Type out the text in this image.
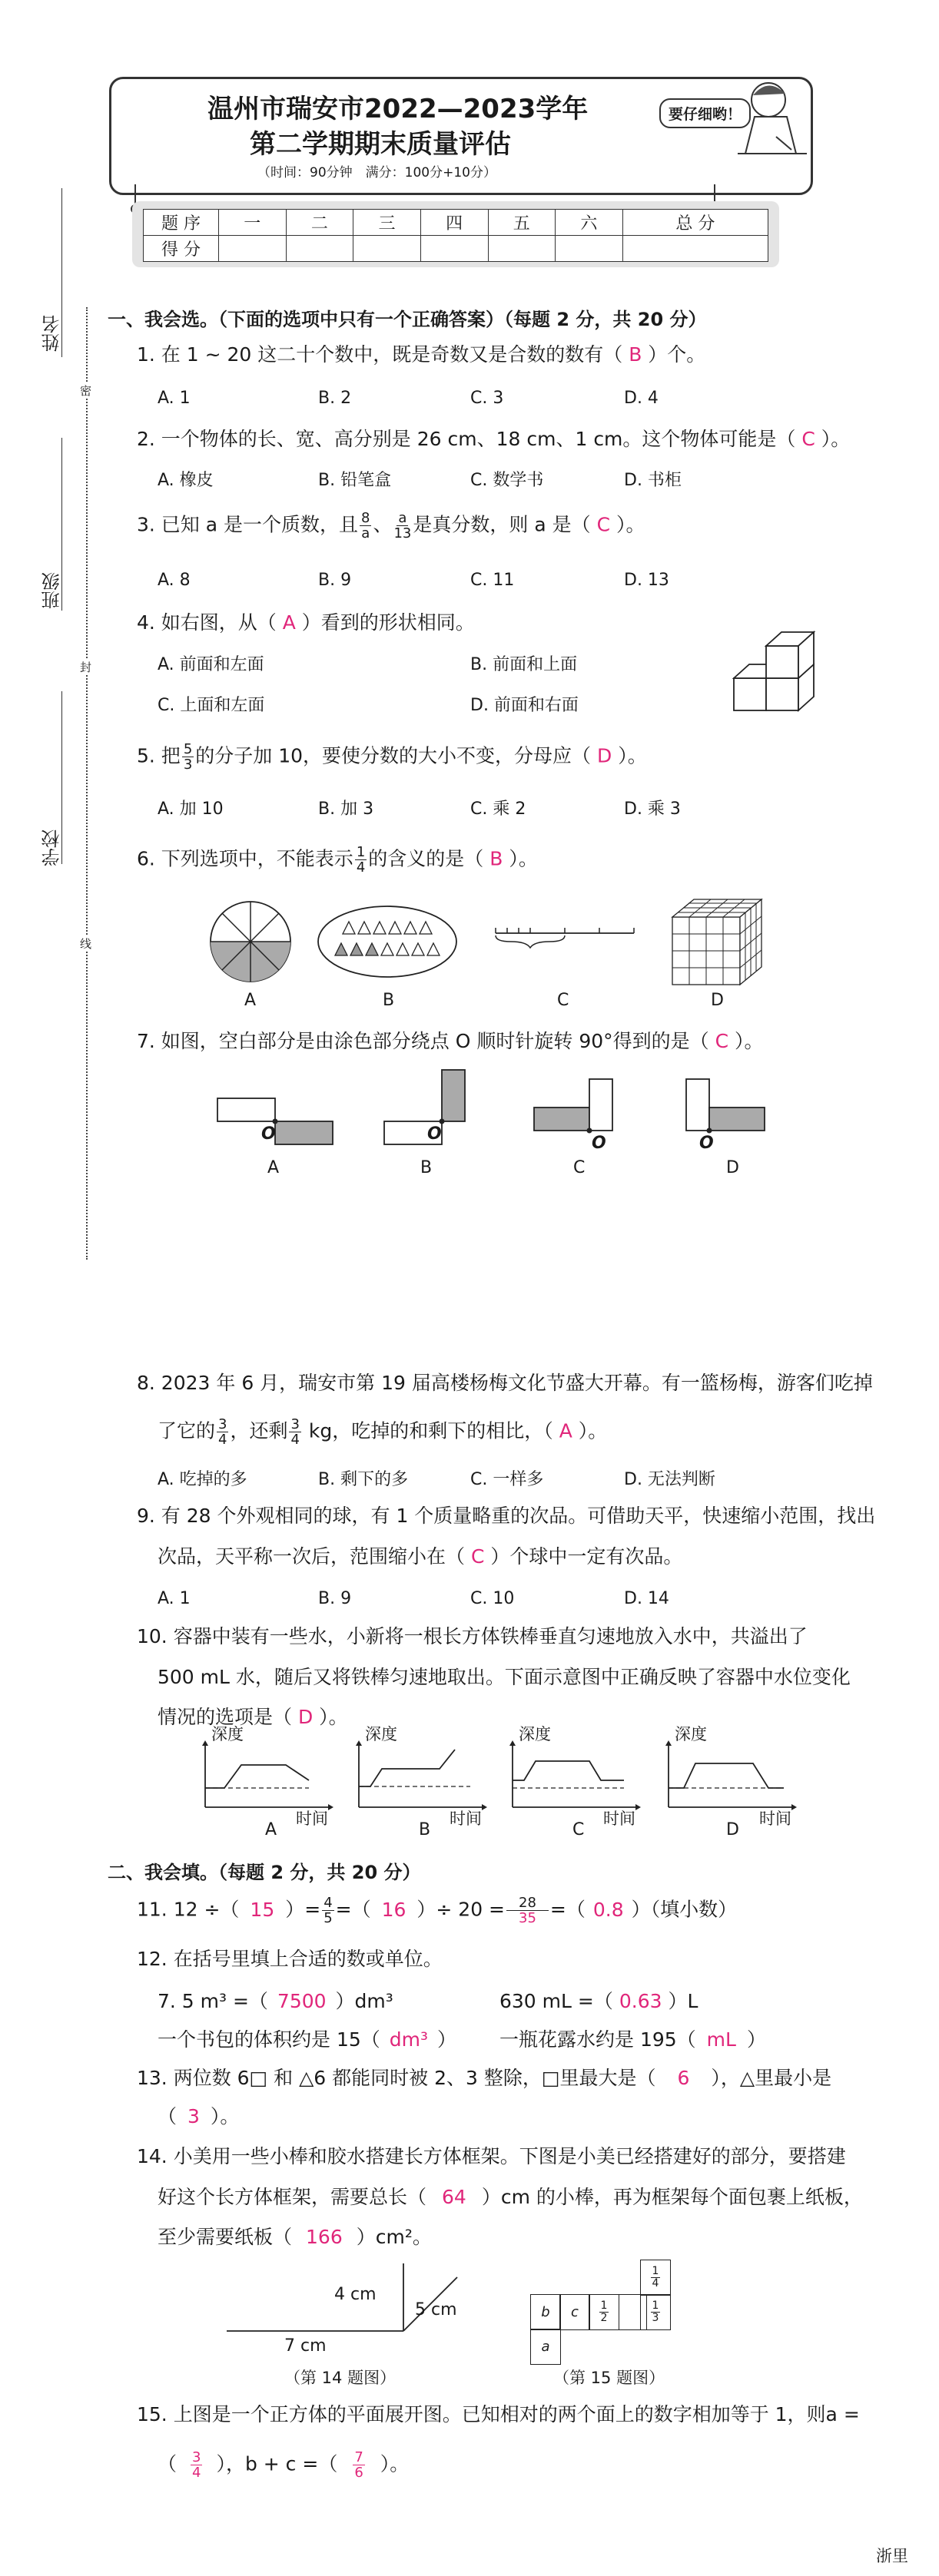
温州市瑞安市2022—2023学年
第二学期期末质量评估
（时间：90分钟　满分：100分+10分）
要仔细哟！
题 序	一	二	三	四	五	六	总 分
得 分							
姓名
班级
学校
密
封
线
一、我会选。（下面的选项中只有一个正确答案）（每题 2 分，共 20 分）
1. 在 1 ~ 20 这二十个数中，既是奇数又是合数的数有（ B ）个。
A. 1	B. 2	C. 3	D. 4
2. 一个物体的长、宽、高分别是 26 cm、18 cm、1 cm。这个物体可能是（ C ）。
A. 橡皮	B. 铅笔盒	C. 数学书	D. 书柜
3. 已知 a 是一个质数，且 $\frac{8}{a}$ 、 $\frac{a}{13}$ 是真分数，则 a 是（ C ）。
A. 8	B. 9	C. 11	D. 13
4. 如右图，从（ A ）看到的形状相同。
A. 前面和左面	B. 前面和上面
C. 上面和左面	D. 前面和右面
5. 把 $\frac{5}{3}$ 的分子加 10，要使分数的大小不变，分母应（ D ）。
A. 加 10	B. 加 3	C. 乘 2	D. 乘 3
6. 下列选项中，不能表示 $\frac{1}{4}$ 的含义的是（ B ）。
A	B	C	D
7. 如图，空白部分是由涂色部分绕点 O 顺时针旋转 90°得到的是（ C ）。
O	O	O	O
A	B	C	D
8. 2023 年 6 月，瑞安市第 19 届高楼杨梅文化节盛大开幕。有一篮杨梅，游客们吃掉
了它的 $\frac{3}{4}$ ，还剩 $\frac{3}{4}$ kg，吃掉的和剩下的相比，（ A ）。
A. 吃掉的多	B. 剩下的多	C. 一样多	D. 无法判断
9. 有 28 个外观相同的球，有 1 个质量略重的次品。可借助天平，快速缩小范围，找出
次品，天平称一次后，范围缩小在（ C ）个球中一定有次品。
A. 1	B. 9	C. 10	D. 14
10. 容器中装有一些水，小新将一根长方体铁棒垂直匀速地放入水中，共溢出了
500 mL 水，随后又将铁棒匀速地取出。下面示意图中正确反映了容器中水位变化
情况的选项是（ D ）。
深度	深度	深度	深度
时间	时间	时间	时间
A	B	C	D
二、我会填。（每题 2 分，共 20 分）
11. 12 ÷（ 15 ）= $\frac{4}{5}$ =（ 16 ）÷ $20 = \frac{28}{35}$ =（ 0.8 ）（填小数）
12. 在括号里填上合适的数或单位。
7. 5 m³ =（ 7500 ）dm³	630 mL =（ 0.63 ）L
一个书包的体积约是 15（ dm³ ） 一瓶花露水约是 195（ mL ）
13. 两位数 6□ 和 △6 都能同时被 2、3 整除，□里最大是（ 6 ），△里最小是
（ 3 ）。
14. 小美用一些小棒和胶水搭建长方体框架。下图是小美已经搭建好的部分，要搭建
好这个长方体框架，需要总长（ 64 ）cm 的小棒，再为框架每个面包裹上纸板，
至少需要纸板（ 166 ）cm²。
4 cm
7 cm
5 cm
（第 14 题图）
$\frac{1}{4}$
b	c	$\frac{1}{2}$	$\frac{1}{3}$
a
（第 15 题图）
15. 上图是一个正方体的平面展开图。已知相对的两个面上的数字相加等于 1，则a =
（ $\frac{3}{4}$ ），b + c =（ $\frac{7}{6}$ ）。
浙里
